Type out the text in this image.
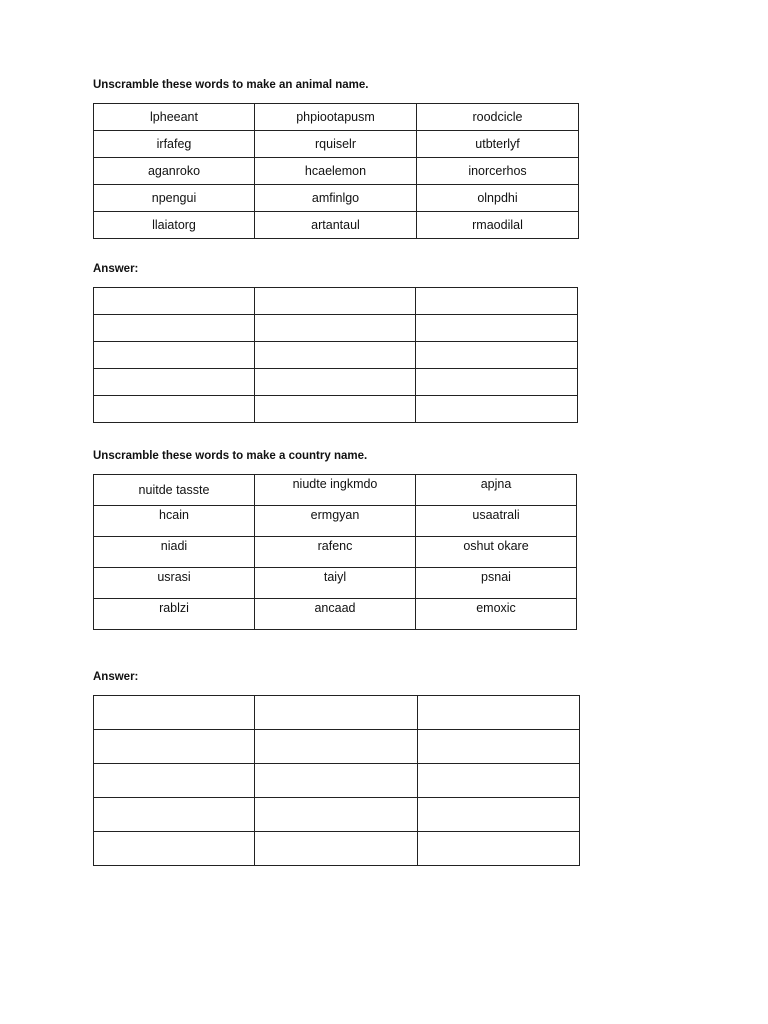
Unscramble these words to make an animal name.

lpheeant	phpiootapusm	roodcicle
irfafeg	rquiselr	utbterlyf
aganroko	hcaelemon	inorcerhos
npengui	amfinlgo	olnpdhi
llaiatorg	artantaul	rmaodilal

Answer:

Unscramble these words to make a country name.

nuitde tasste	niudte ingkmdo	apjna
hcain	ermgyan	usaatrali
niadi	rafenc	oshut okare
usrasi	taiyl	psnai
rablzi	ancaad	emoxic

Answer:
